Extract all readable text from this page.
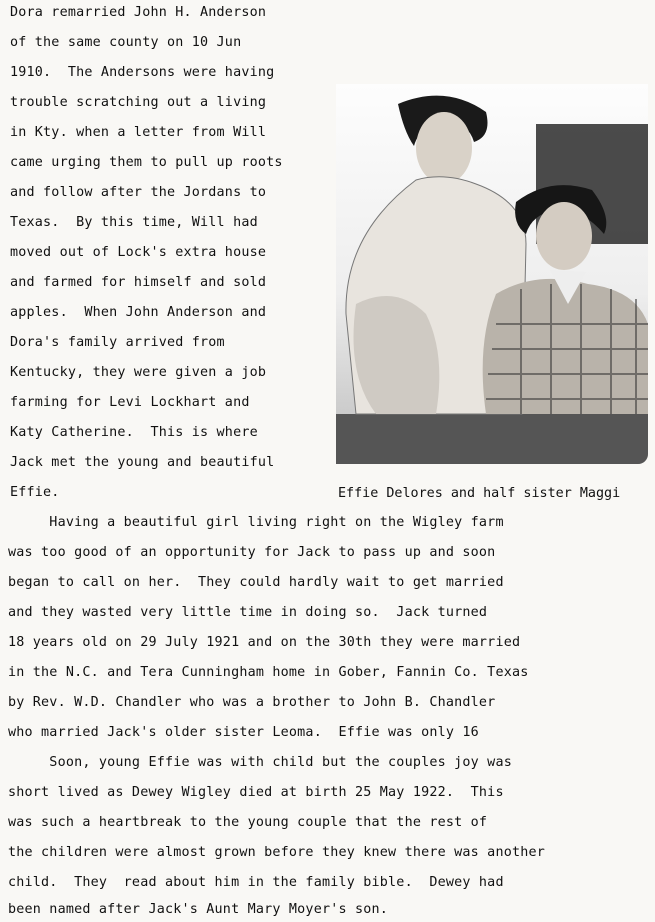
Dora remarried John H. Anderson
of the same county on 10 Jun
1910.  The Andersons were having
trouble scratching out a living
in Kty. when a letter from Will
came urging them to pull up roots
and follow after the Jordans to
Texas.  By this time, Will had
moved out of Lock's extra house
and farmed for himself and sold
apples.  When John Anderson and
Dora's family arrived from
Kentucky, they were given a job
farming for Levi Lockhart and
Katy Catherine.  This is where
Jack met the young and beautiful
Effie.	Effie Delores and half sister Maggi
Having a beautiful girl living right on the Wigley farm
was too good of an opportunity for Jack to pass up and soon
began to call on her.  They could hardly wait to get married
and they wasted very little time in doing so.  Jack turned
18 years old on 29 July 1921 and on the 30th they were married
in the N.C. and Tera Cunningham home in Gober, Fannin Co. Texas
by Rev. W.D. Chandler who was a brother to John B. Chandler
who married Jack's older sister Leoma.  Effie was only 16
Soon, young Effie was with child but the couples joy was
short lived as Dewey Wigley died at birth 25 May 1922.  This
was such a heartbreak to the young couple that the rest of
the children were almost grown before they knew there was another
child.  They  read about him in the family bible.  Dewey had
been named after Jack's Aunt Mary Moyer's son.
